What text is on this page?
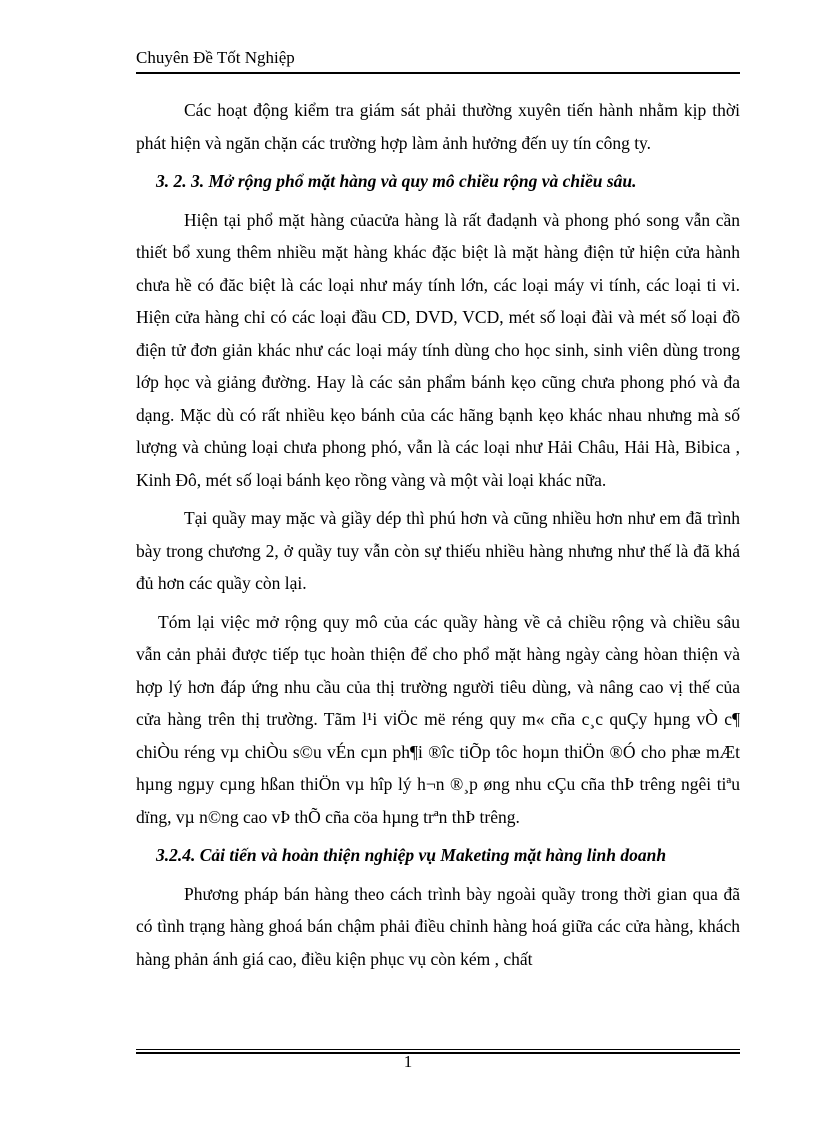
Chuyên Đề Tốt Nghiệp

Các hoạt động kiểm tra giám sát phải thường xuyên tiến hành nhằm kịp thời phát hiện và ngăn chặn các trường hợp làm ảnh hưởng đến uy tín công ty.

3. 2. 3. Mở rộng phổ mặt hàng và quy mô chiều rộng và chiều sâu.

Hiện tại phổ mặt hàng củacửa hàng là rất đadạnh và phong phó song vẫn cần thiết bổ xung thêm nhiều mặt hàng khác đặc biệt là mặt hàng điện tử hiện cửa hành chưa hề có đăc biệt là các loại như máy tính lớn, các loại máy vi tính, các loại ti vi. Hiện cửa hàng chỉ có các loại đầu CD, DVD, VCD, mét số loại đài và mét số loại đồ điện tử đơn giản khác như các loại máy tính dùng cho học sinh, sinh viên dùng trong lớp học và giảng đường. Hay là các sản phẩm bánh kẹo cũng chưa phong phó và đa dạng. Mặc dù có rất nhiều kẹo bánh của các hãng bạnh kẹo khác nhau nhưng mà số lượng và chủng loại chưa phong phó, vẫn là các loại như Hải Châu, Hải Hà, Bibica , Kinh Đô, mét số loại bánh kẹo rồng vàng và một vài loại khác nữa.

Tại quầy may mặc và giầy dép thì phú hơn và cũng nhiều hơn như em đã trình bày trong chương 2, ở quầy tuy vẫn còn sự thiếu nhiều hàng nhưng như thế là đã khá đủ hơn các quầy còn lại.

Tóm lại việc mở rộng quy mô của các quầy hàng về cả chiều rộng và chiều sâu vẫn cản phải được tiếp tục hoàn thiện để cho phổ mặt hàng ngày càng hòan thiện và hợp lý hơn đáp ứng nhu cầu của thị trường người tiêu dùng, và nâng cao vị thế của cửa hàng trên thị trường. Tãm l¹i viÖc më réng quy m« cña c¸c quÇy hµng vÒ c¶ chiÒu réng vµ chiÒu s©u vÉn cµn ph¶i ®îc tiÕp tôc hoµn thiÖn ®Ó cho phæ mÆt hµng ngµy cµng hßan thiÖn vµ hîp lý h¬n ®¸p øng nhu cÇu cña thÞ trêng ngêi tiªu dïng, vµ n©ng cao vÞ thÕ cña cöa hµng trªn thÞ trêng.

3.2.4. Cải tiến và hoàn thiện nghiệp vụ Maketing mặt hàng linh doanh

Phương pháp bán hàng theo cách trình bày ngoài quầy trong thời gian qua đã có tình trạng hàng ghoá bán chậm phải điều chỉnh hàng hoá giữa các cửa hàng, khách hàng phản ánh giá cao, điều kiện phục vụ còn kém , chất

1
